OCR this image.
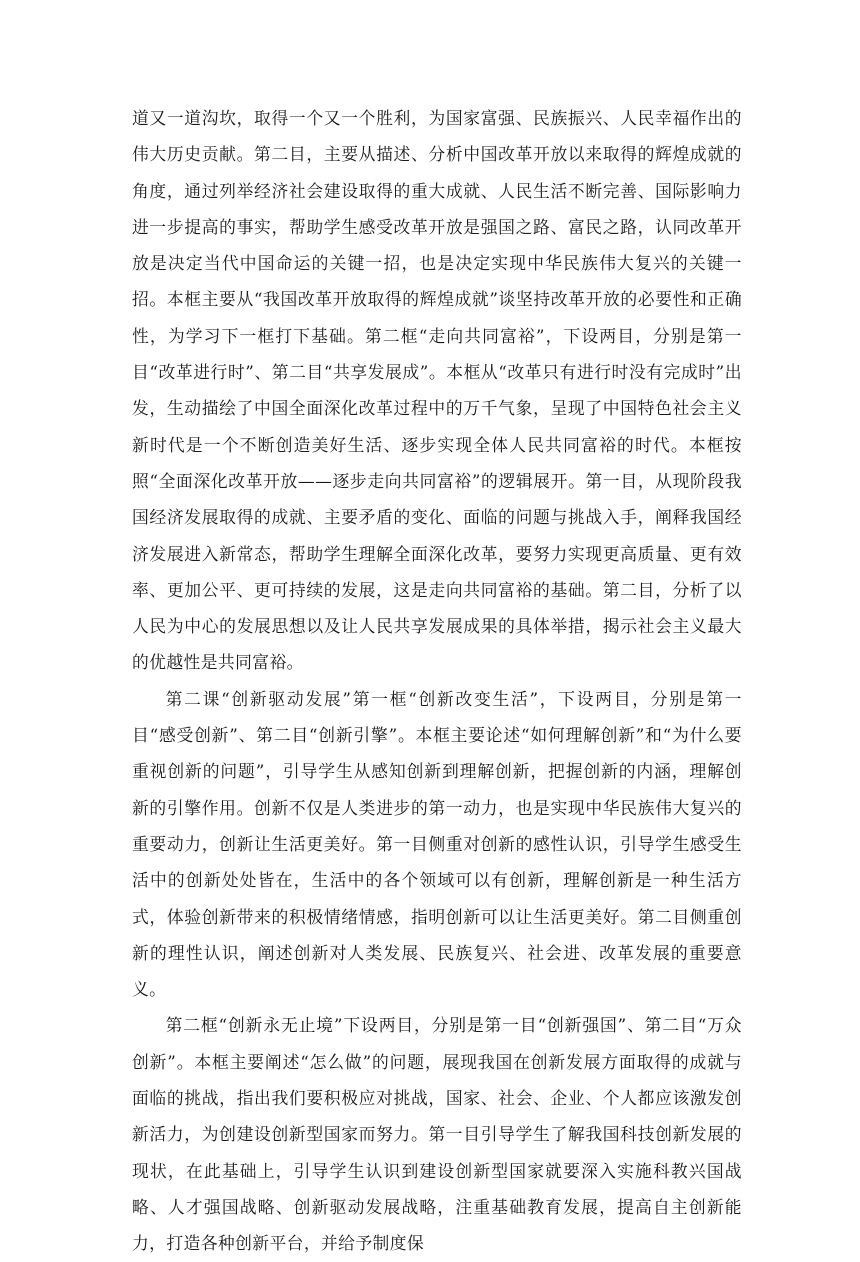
道又一道沟坎，取得一个又一个胜利，为国家富强、民族振兴、人民幸福作出的伟大历史贡献。第二目，主要从描述、分析中国改革开放以来取得的辉煌成就的角度，通过列举经济社会建设取得的重大成就、人民生活不断完善、国际影响力进一步提高的事实，帮助学生感受改革开放是强国之路、富民之路，认同改革开放是决定当代中国命运的关键一招，也是决定实现中华民族伟大复兴的关键一招。本框主要从“我国改革开放取得的辉煌成就”谈坚持改革开放的必要性和正确性，为学习下一框打下基础。第二框“走向共同富裕”，下设两目，分别是第一目“改革进行时”、第二目“共享发展成”。本框从“改革只有进行时没有完成时”出发，生动描绘了中国全面深化改革过程中的万千气象，呈现了中国特色社会主义新时代是一个不断创造美好生活、逐步实现全体人民共同富裕的时代。本框按照“全面深化改革开放——逐步走向共同富裕”的逻辑展开。第一目，从现阶段我国经济发展取得的成就、主要矛盾的变化、面临的问题与挑战入手，阐释我国经济发展进入新常态，帮助学生理解全面深化改革，要努力实现更高质量、更有效率、更加公平、更可持续的发展，这是走向共同富裕的基础。第二目，分析了以人民为中心的发展思想以及让人民共享发展成果的具体举措，揭示社会主义最大的优越性是共同富裕。

第二课“创新驱动发展”第一框“创新改变生活”，下设两目，分别是第一目“感受创新”、第二目“创新引擎”。本框主要论述“如何理解创新”和“为什么要重视创新的问题”，引导学生从感知创新到理解创新，把握创新的内涵，理解创新的引擎作用。创新不仅是人类进步的第一动力，也是实现中华民族伟大复兴的重要动力，创新让生活更美好。第一目侧重对创新的感性认识，引导学生感受生活中的创新处处皆在，生活中的各个领域可以有创新，理解创新是一种生活方式，体验创新带来的积极情绪情感，指明创新可以让生活更美好。第二目侧重创新的理性认识，阐述创新对人类发展、民族复兴、社会进、改革发展的重要意义。

第二框“创新永无止境”下设两目，分别是第一目“创新强国”、第二目“万众创新”。本框主要阐述“怎么做”的问题，展现我国在创新发展方面取得的成就与面临的挑战，指出我们要积极应对挑战，国家、社会、企业、个人都应该激发创新活力，为创建设创新型国家而努力。第一目引导学生了解我国科技创新发展的现状，在此基础上，引导学生认识到建设创新型国家就要深入实施科教兴国战略、人才强国战略、创新驱动发展战略，注重基础教育发展，提高自主创新能力，打造各种创新平台，并给予制度保
